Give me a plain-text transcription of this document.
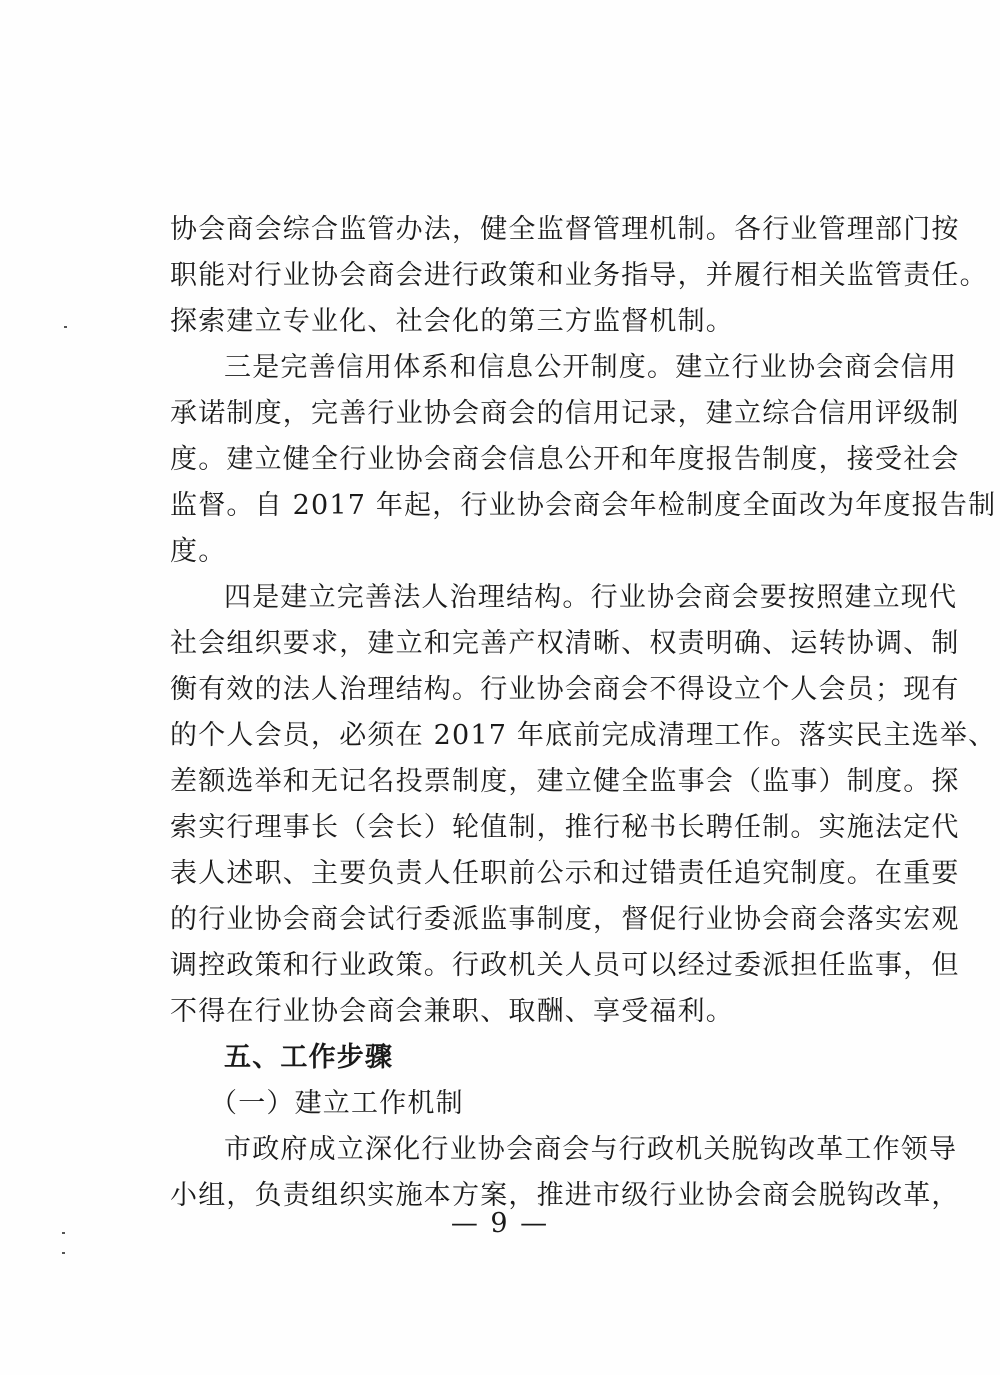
协会商会综合监管办法，健全监督管理机制。各行业管理部门按
职能对行业协会商会进行政策和业务指导，并履行相关监管责任。
探索建立专业化、社会化的第三方监督机制。

三是完善信用体系和信息公开制度。建立行业协会商会信用
承诺制度，完善行业协会商会的信用记录，建立综合信用评级制
度。建立健全行业协会商会信息公开和年度报告制度，接受社会
监督。自 2017 年起，行业协会商会年检制度全面改为年度报告制
度。

四是建立完善法人治理结构。行业协会商会要按照建立现代
社会组织要求，建立和完善产权清晰、权责明确、运转协调、制
衡有效的法人治理结构。行业协会商会不得设立个人会员；现有
的个人会员，必须在 2017 年底前完成清理工作。落实民主选举、
差额选举和无记名投票制度，建立健全监事会（监事）制度。探
索实行理事长（会长）轮值制，推行秘书长聘任制。实施法定代
表人述职、主要负责人任职前公示和过错责任追究制度。在重要
的行业协会商会试行委派监事制度，督促行业协会商会落实宏观
调控政策和行业政策。行政机关人员可以经过委派担任监事，但
不得在行业协会商会兼职、取酬、享受福利。

五、工作步骤

（一）建立工作机制

市政府成立深化行业协会商会与行政机关脱钩改革工作领导
小组，负责组织实施本方案，推进市级行业协会商会脱钩改革，

— 9 —
